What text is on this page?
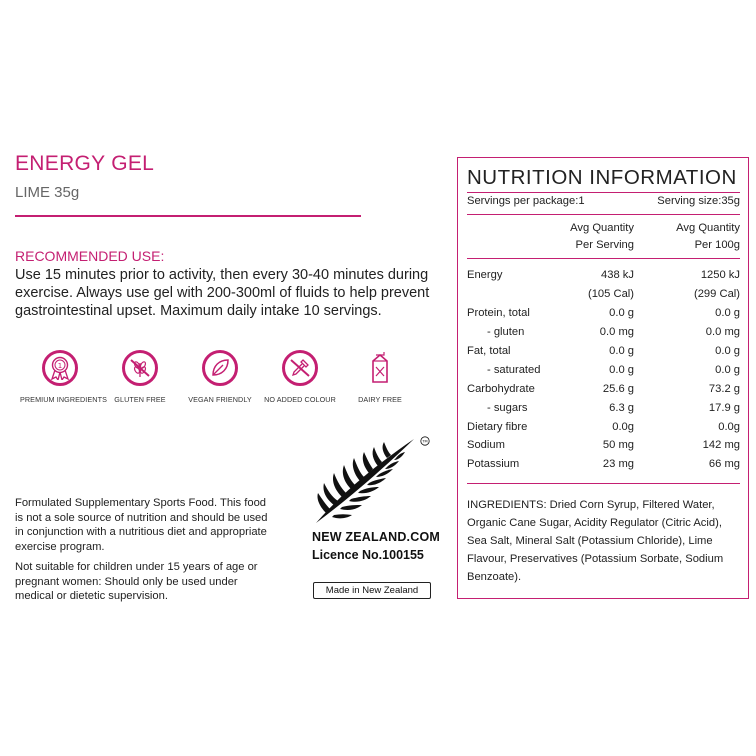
ENERGY GEL
LIME 35g
RECOMMENDED USE:
Use 15 minutes prior to activity, then every 30-40 minutes during exercise. Always use gel with 200-300ml of fluids to help prevent gastrointestinal upset. Maximum daily intake 10 servings.
1
PREMIUM INGREDIENTS	GLUTEN FREE	VEGAN FRIENDLY	NO ADDED COLOUR	DAIRY FREE
Formulated Supplementary Sports Food. This food is not a sole source of nutrition and should be used in conjunction with a nutritious diet and appropriate exercise program.
Not suitable for children under 15 years of age or pregnant women: Should only be used under medical or dietetic supervision.
TM
NEW ZEALAND.COM
Licence No.100155
Made in New Zealand
NUTRITION INFORMATION
Servings per package:1	Serving size:35g
Avg Quantity	Avg Quantity
Per Serving	Per 100g
Energy	438 kJ	1250 kJ
(105 Cal)	(299 Cal)
Protein, total	0.0 g	0.0 g
- gluten	0.0 mg	0.0 mg
Fat, total	0.0 g	0.0 g
- saturated	0.0 g	0.0 g
Carbohydrate	25.6 g	73.2 g
- sugars	6.3 g	17.9 g
Dietary fibre	0.0g	0.0g
Sodium	50 mg	142 mg
Potassium	23 mg	66 mg
INGREDIENTS: Dried Corn Syrup, Filtered Water, Organic Cane Sugar, Acidity Regulator (Citric Acid), Sea Salt, Mineral Salt (Potassium Chloride), Lime Flavour, Preservatives (Potassium Sorbate, Sodium Benzoate).
